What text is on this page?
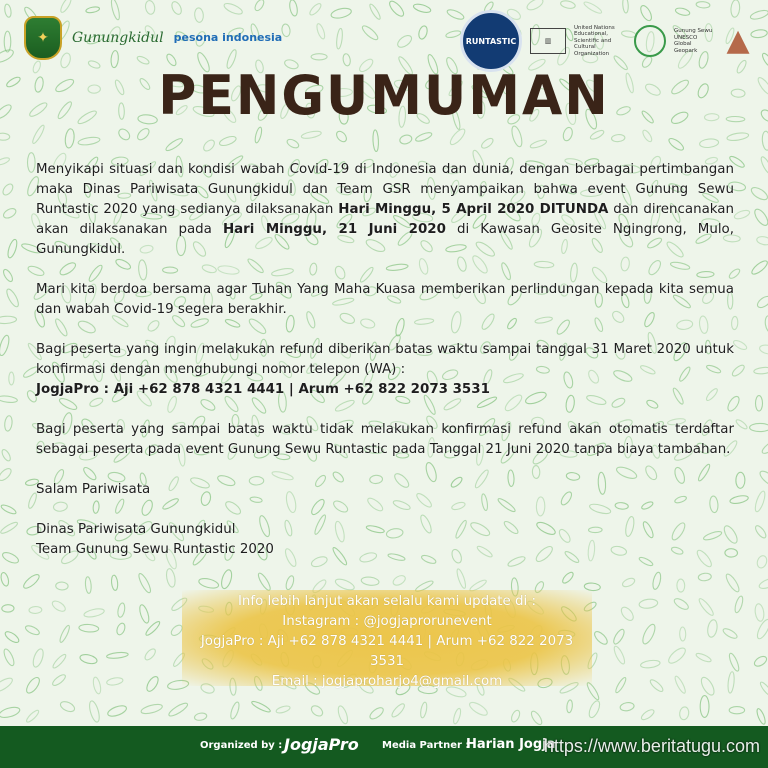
✦	Gunungkidul pesona indonesia	RUNTASTIC	▥
United Nations Educational, Scientific and Cultural Organization
Gunung Sewu UNESCO Global Geopark ▲
PENGUMUMAN

Menyikapi situasi dan kondisi wabah Covid-19 di Indonesia dan dunia, dengan berbagai pertimbangan maka Dinas Pariwisata Gunungkidul dan Team GSR menyampaikan bahwa event Gunung Sewu Runtastic 2020 yang sedianya dilaksanakan Hari Minggu, 5 April 2020 DITUNDA dan direncanakan akan dilaksanakan pada Hari Minggu, 21 Juni 2020 di Kawasan Geosite Ngingrong, Mulo, Gunungkidul.

Mari kita berdoa bersama agar Tuhan Yang Maha Kuasa memberikan perlindungan kepada kita semua dan wabah Covid-19 segera berakhir.

Bagi peserta yang ingin melakukan refund diberikan batas waktu sampai tanggal 31 Maret 2020 untuk konfirmasi dengan menghubungi nomor telepon (WA) :
JogjaPro : Aji +62 878 4321 4441 | Arum +62 822 2073 3531

Bagi peserta yang sampai batas waktu tidak melakukan konfirmasi refund akan otomatis terdaftar sebagai peserta pada event Gunung Sewu Runtastic pada Tanggal 21 Juni 2020 tanpa biaya tambahan.

Salam Pariwisata

Dinas Pariwisata Gunungkidul
Team Gunung Sewu Runtastic 2020
Info lebih lanjut akan selalu kami update di :
Instagram : @jogjaprorunevent
JogjaPro : Aji +62 878 4321 4441 | Arum +62 822 2073 3531
Email : jogjaproharjo4@gmail.com
Organized by : JogjaPro Media Partner :
Harian Jogja
https://www.beritatugu.com
